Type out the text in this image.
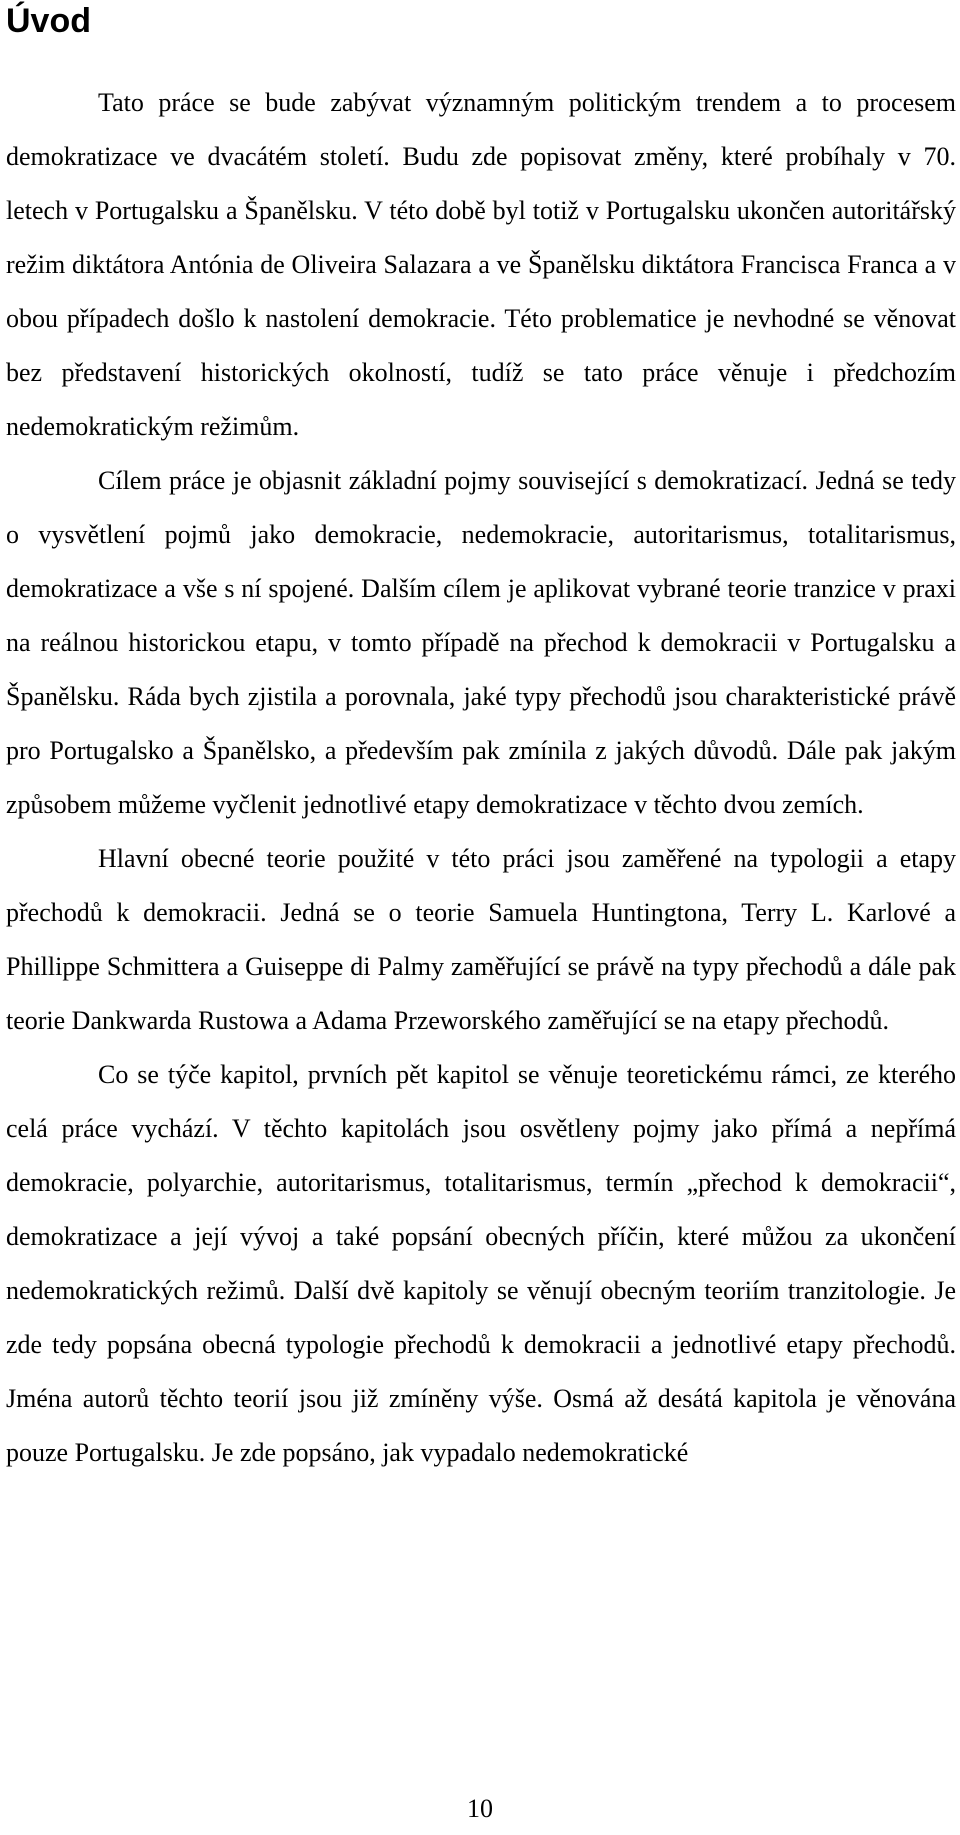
Úvod

Tato práce se bude zabývat významným politickým trendem a to procesem demokratizace ve dvacátém století. Budu zde popisovat změny, které probíhaly v 70. letech v Portugalsku a Španělsku. V této době byl totiž v Portugalsku ukončen autoritářský režim diktátora Antónia de Oliveira Salazara a ve Španělsku diktátora Francisca Franca a v obou případech došlo k nastolení demokracie. Této problematice je nevhodné se věnovat bez představení historických okolností, tudíž se tato práce věnuje i předchozím nedemokratickým režimům.

Cílem práce je objasnit základní pojmy související s demokratizací. Jedná se tedy o vysvětlení pojmů jako demokracie, nedemokracie, autoritarismus, totalitarismus, demokratizace a vše s ní spojené. Dalším cílem je aplikovat vybrané teorie tranzice v praxi na reálnou historickou etapu, v tomto případě na přechod k demokracii v Portugalsku a Španělsku. Ráda bych zjistila a porovnala, jaké typy přechodů jsou charakteristické právě pro Portugalsko a Španělsko, a především pak zmínila z jakých důvodů. Dále pak jakým způsobem můžeme vyčlenit jednotlivé etapy demokratizace v těchto dvou zemích.

Hlavní obecné teorie použité v této práci jsou zaměřené na typologii a etapy přechodů k demokracii. Jedná se o teorie Samuela Huntingtona, Terry L. Karlové a Phillippe Schmittera a Guiseppe di Palmy zaměřující se právě na typy přechodů a dále pak teorie Dankwarda Rustowa a Adama Przeworského zaměřující se na etapy přechodů.

Co se týče kapitol, prvních pět kapitol se věnuje teoretickému rámci, ze kterého celá práce vychází. V těchto kapitolách jsou osvětleny pojmy jako přímá a nepřímá demokracie, polyarchie, autoritarismus, totalitarismus, termín „přechod k demokracii“, demokratizace a její vývoj a také popsání obecných příčin, které můžou za ukončení nedemokratických režimů. Další dvě kapitoly se věnují obecným teoriím tranzitologie. Je zde tedy popsána obecná typologie přechodů k demokracii a jednotlivé etapy přechodů. Jména autorů těchto teorií jsou již zmíněny výše. Osmá až desátá kapitola je věnována pouze Portugalsku. Je zde popsáno, jak vypadalo nedemokratické

10
